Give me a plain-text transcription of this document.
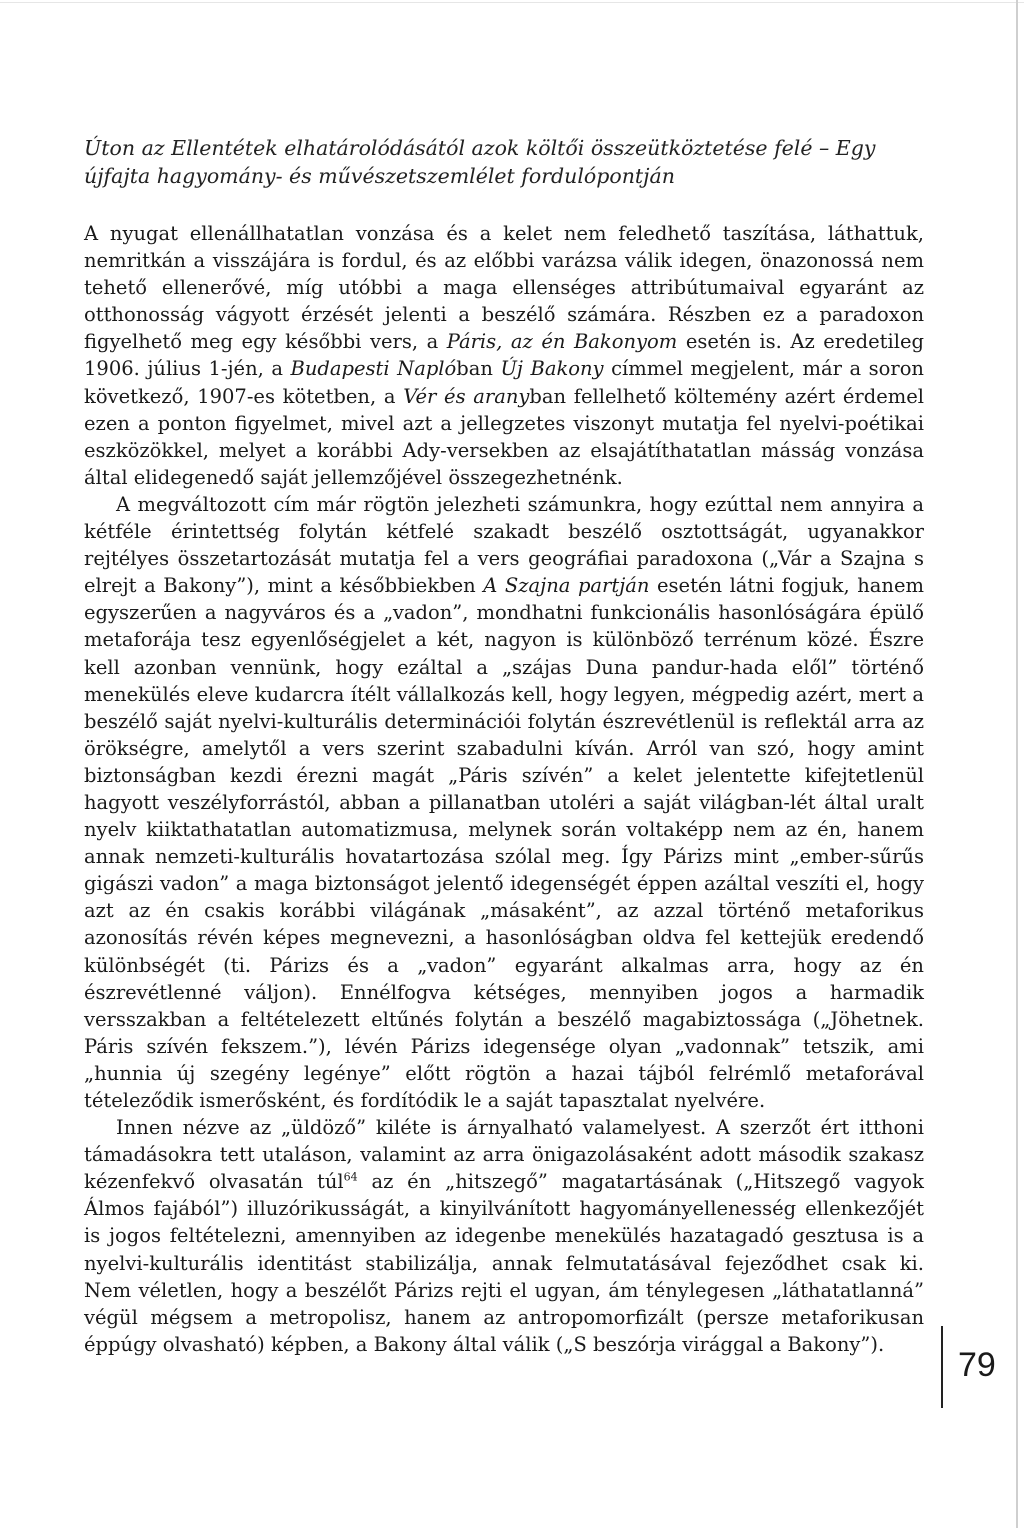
Úton az Ellentétek elhatárolódásától azok költői összeütköztetése felé – Egy újfajta hagyomány- és művészetszemlélet fordulópontján

A nyugat ellenállhatatlan vonzása és a kelet nem feledhető taszítása, láthattuk, nemritkán a visszájára is fordul, és az előbbi varázsa válik idegen, önazonossá nem tehető ellenerővé, míg utóbbi a maga ellenséges attribútumaival egyaránt az otthonosság vágyott érzését jelenti a beszélő számára. Részben ez a paradoxon figyelhető meg egy későbbi vers, a Páris, az én Bakonyom esetén is. Az eredetileg 1906. július 1-jén, a Budapesti Naplóban Új Bakony címmel megjelent, már a soron következő, 1907-es kötetben, a Vér és aranyban fellelhető költemény azért érdemel ezen a ponton figyelmet, mivel azt a jellegzetes viszonyt mutatja fel nyelvi-poétikai eszközökkel, melyet a korábbi Ady-versekben az elsajátíthatatlan másság vonzása által elidegenedő saját jellemzőjével összegezhetnénk.

A megváltozott cím már rögtön jelezheti számunkra, hogy ezúttal nem annyira a kétféle érintettség folytán kétfelé szakadt beszélő osztottságát, ugyanakkor rejtélyes összetartozását mutatja fel a vers geográfiai paradoxona („Vár a Szajna s elrejt a Bakony”), mint a későbbiekben A Szajna partján esetén látni fogjuk, hanem egyszerűen a nagyváros és a „vadon”, mondhatni funkcionális hasonlóságára épülő metaforája tesz egyenlőségjelet a két, nagyon is különböző terrénum közé. Észre kell azonban vennünk, hogy ezáltal a „szájas Duna pandur-hada elől” történő menekülés eleve kudarcra ítélt vállalkozás kell, hogy legyen, mégpedig azért, mert a beszélő saját nyelvi-kulturális determinációi folytán észrevétlenül is reflektál arra az örökségre, amelytől a vers szerint szabadulni kíván. Arról van szó, hogy amint biztonságban kezdi érezni magát „Páris szívén” a kelet jelentette kifejtetlenül hagyott veszélyforrástól, abban a pillanatban utoléri a saját világban-lét által uralt nyelv kiiktathatatlan automatizmusa, melynek során voltaképp nem az én, hanem annak nemzeti-kulturális hovatartozása szólal meg. Így Párizs mint „ember-sűrűs gigászi vadon” a maga biztonságot jelentő idegenségét éppen azáltal veszíti el, hogy azt az én csakis korábbi világának „másaként”, az azzal történő metaforikus azonosítás révén képes megnevezni, a hasonlóságban oldva fel kettejük eredendő különbségét (ti. Párizs és a „vadon” egyaránt alkalmas arra, hogy az én észrevétlenné váljon). Ennélfogva kétséges, mennyiben jogos a harmadik versszakban a feltételezett eltűnés folytán a beszélő magabiztossága („Jöhetnek. Páris szívén fekszem.”), lévén Párizs idegensége olyan „vadonnak” tetszik, ami „hunnia új szegény legénye” előtt rögtön a hazai tájból felrémlő metaforával tételeződik ismerősként, és fordítódik le a saját tapasztalat nyelvére.

Innen nézve az „üldöző” kiléte is árnyalható valamelyest. A szerzőt ért itthoni támadásokra tett utaláson, valamint az arra önigazolásaként adott második szakasz kézenfekvő olvasatán túl$^{64}$ az én „hitszegő” magatartásának („Hitszegő vagyok Álmos fajából”) illuzórikusságát, a kinyilvánított hagyományellenesség ellenkezőjét is jogos feltételezni, amennyiben az idegenbe menekülés hazatagadó gesztusa is a nyelvi-kulturális identitást stabilizálja, annak felmutatásával fejeződhet csak ki. Nem véletlen, hogy a beszélőt Párizs rejti el ugyan, ám ténylegesen „láthatatlanná” végül mégsem a metropolisz, hanem az antropomorfizált (persze metaforikusan éppúgy olvasható) képben, a Bakony által válik („S beszórja virággal a Bakony”).

79
